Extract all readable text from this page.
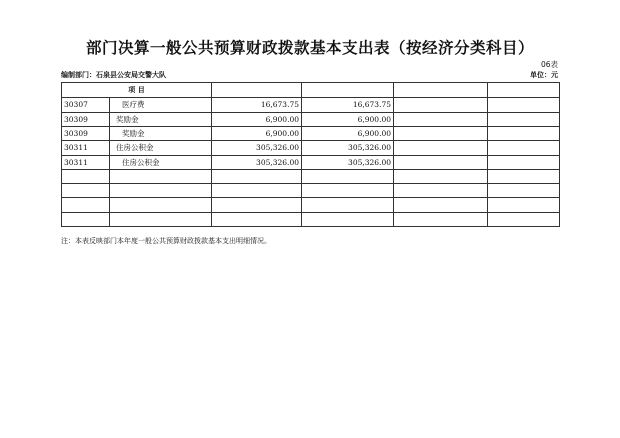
部门决算一般公共预算财政拨款基本支出表（按经济分类科目）
06表
编制部门：石泉县公安局交警大队	单位：元
项 目					
30307	医疗费	16,673.75	16,673.75		
30309	奖励金	6,900.00	6,900.00		
30309	奖励金	6,900.00	6,900.00		
30311	住房公积金	305,326.00	305,326.00		
30311	住房公积金	305,326.00	305,326.00		

注：本表反映部门本年度一般公共预算财政拨款基本支出明细情况。
